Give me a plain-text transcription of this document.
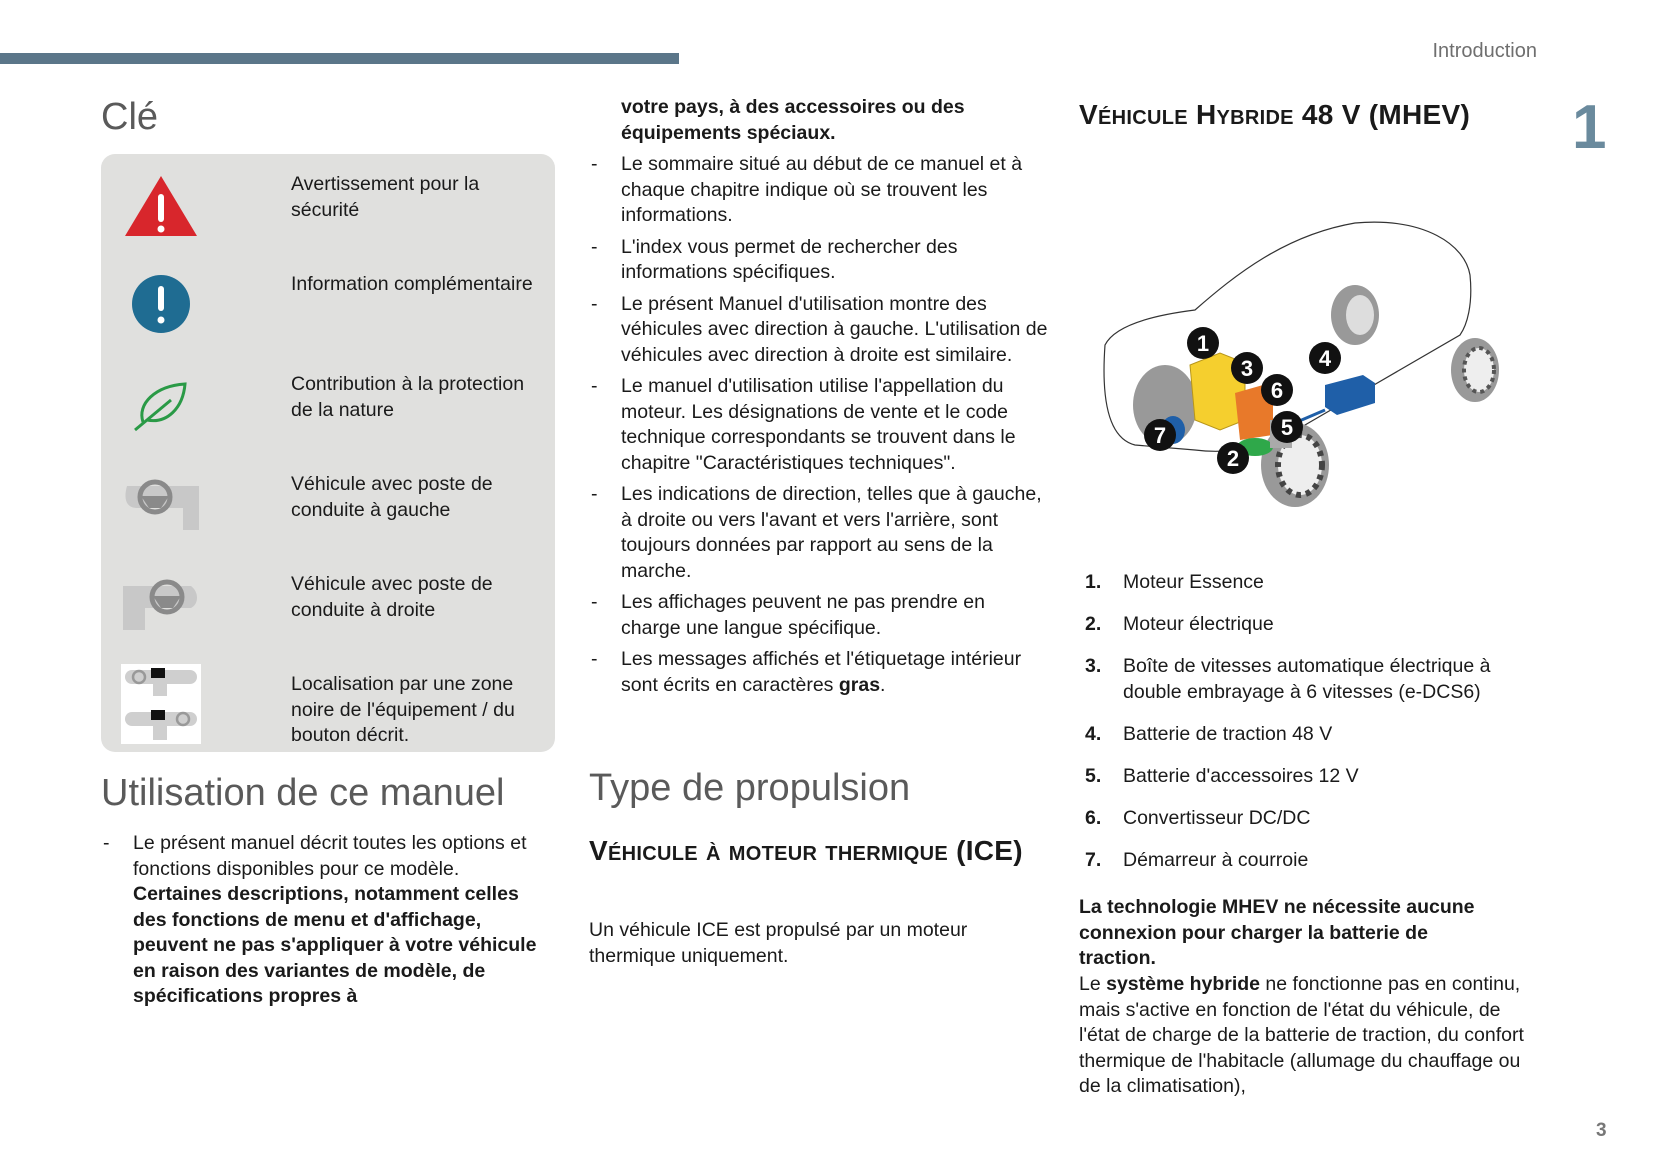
Introduction
1
Clé
Avertissement pour la sécurité
Information complémentaire
Contribution à la protection de la nature
Véhicule avec poste de conduite à gauche
Véhicule avec poste de conduite à droite
Localisation par une zone noire de l'équipement / du bouton décrit.
Utilisation de ce manuel
- Le présent manuel décrit toutes les options et fonctions disponibles pour ce modèle. Certaines descriptions, notamment celles des fonctions de menu et d'affichage, peuvent ne pas s'appliquer à votre véhicule en raison des variantes de modèle, de spécifications propres à
votre pays, à des accessoires ou des équipements spéciaux.
- Le sommaire situé au début de ce manuel et à chaque chapitre indique où se trouvent les informations.
- L'index vous permet de rechercher des informations spécifiques.
- Le présent Manuel d'utilisation montre des véhicules avec direction à gauche. L'utilisation de véhicules avec direction à droite est similaire.
- Le manuel d'utilisation utilise l'appellation du moteur. Les désignations de vente et le code technique correspondants se trouvent dans le chapitre "Caractéristiques techniques".
- Les indications de direction, telles que à gauche, à droite ou vers l'avant et vers l'arrière, sont toujours données par rapport au sens de la marche.
- Les affichages peuvent ne pas prendre en charge une langue spécifique.
- Les messages affichés et l'étiquetage intérieur sont écrits en caractères gras.
Type de propulsion
Véhicule à moteur thermique (ICE)
Un véhicule ICE est propulsé par un moteur thermique uniquement.
Véhicule Hybride 48 V (MHEV)
1
2
3	4
5
6
7
1. Moteur Essence
2. Moteur électrique
3. Boîte de vitesses automatique électrique à double embrayage à 6 vitesses (e-DCS6)
4. Batterie de traction 48 V
5. Batterie d'accessoires 12 V
6. Convertisseur DC/DC
7. Démarreur à courroie
La technologie MHEV ne nécessite aucune connexion pour charger la batterie de traction.
Le système hybride ne fonctionne pas en continu, mais s'active en fonction de l'état du véhicule, de l'état de charge de la batterie de traction, du confort thermique de l'habitacle (allumage du chauffage ou de la climatisation),
3
